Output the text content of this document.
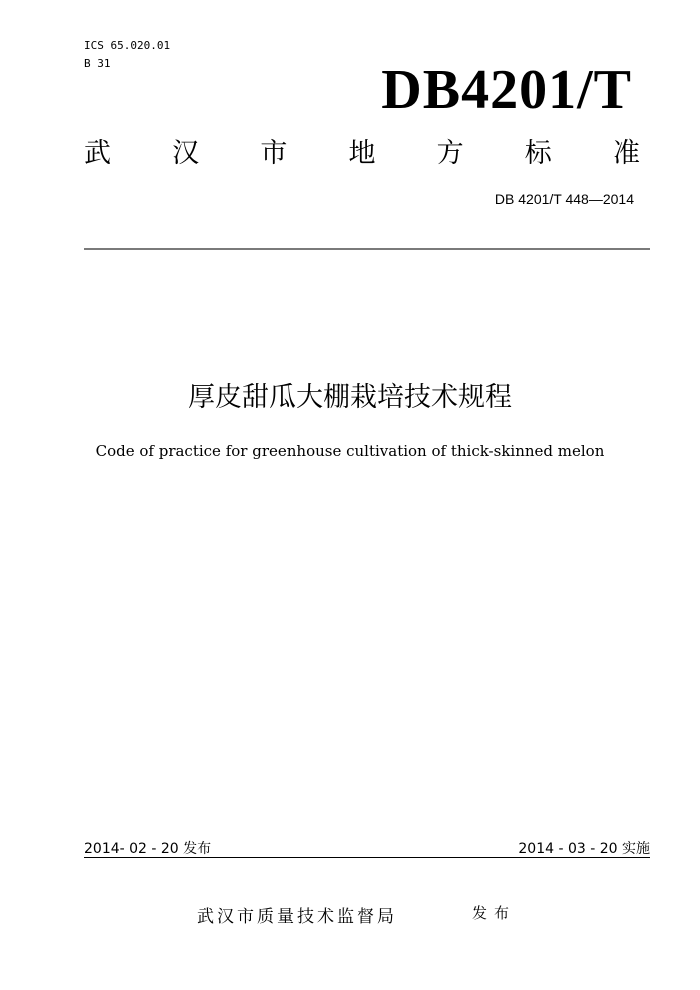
ICS 65.020.01
B 31	DB4201/T
武 汉 市 地 方 标 准
DB 4201/T 448—2014
厚皮甜瓜大棚栽培技术规程
Code of practice for greenhouse cultivation of thick-skinned melon
2014- 02 - 20 发布	2014 - 03 - 20 实施
武汉市质量技术监督局	发布
